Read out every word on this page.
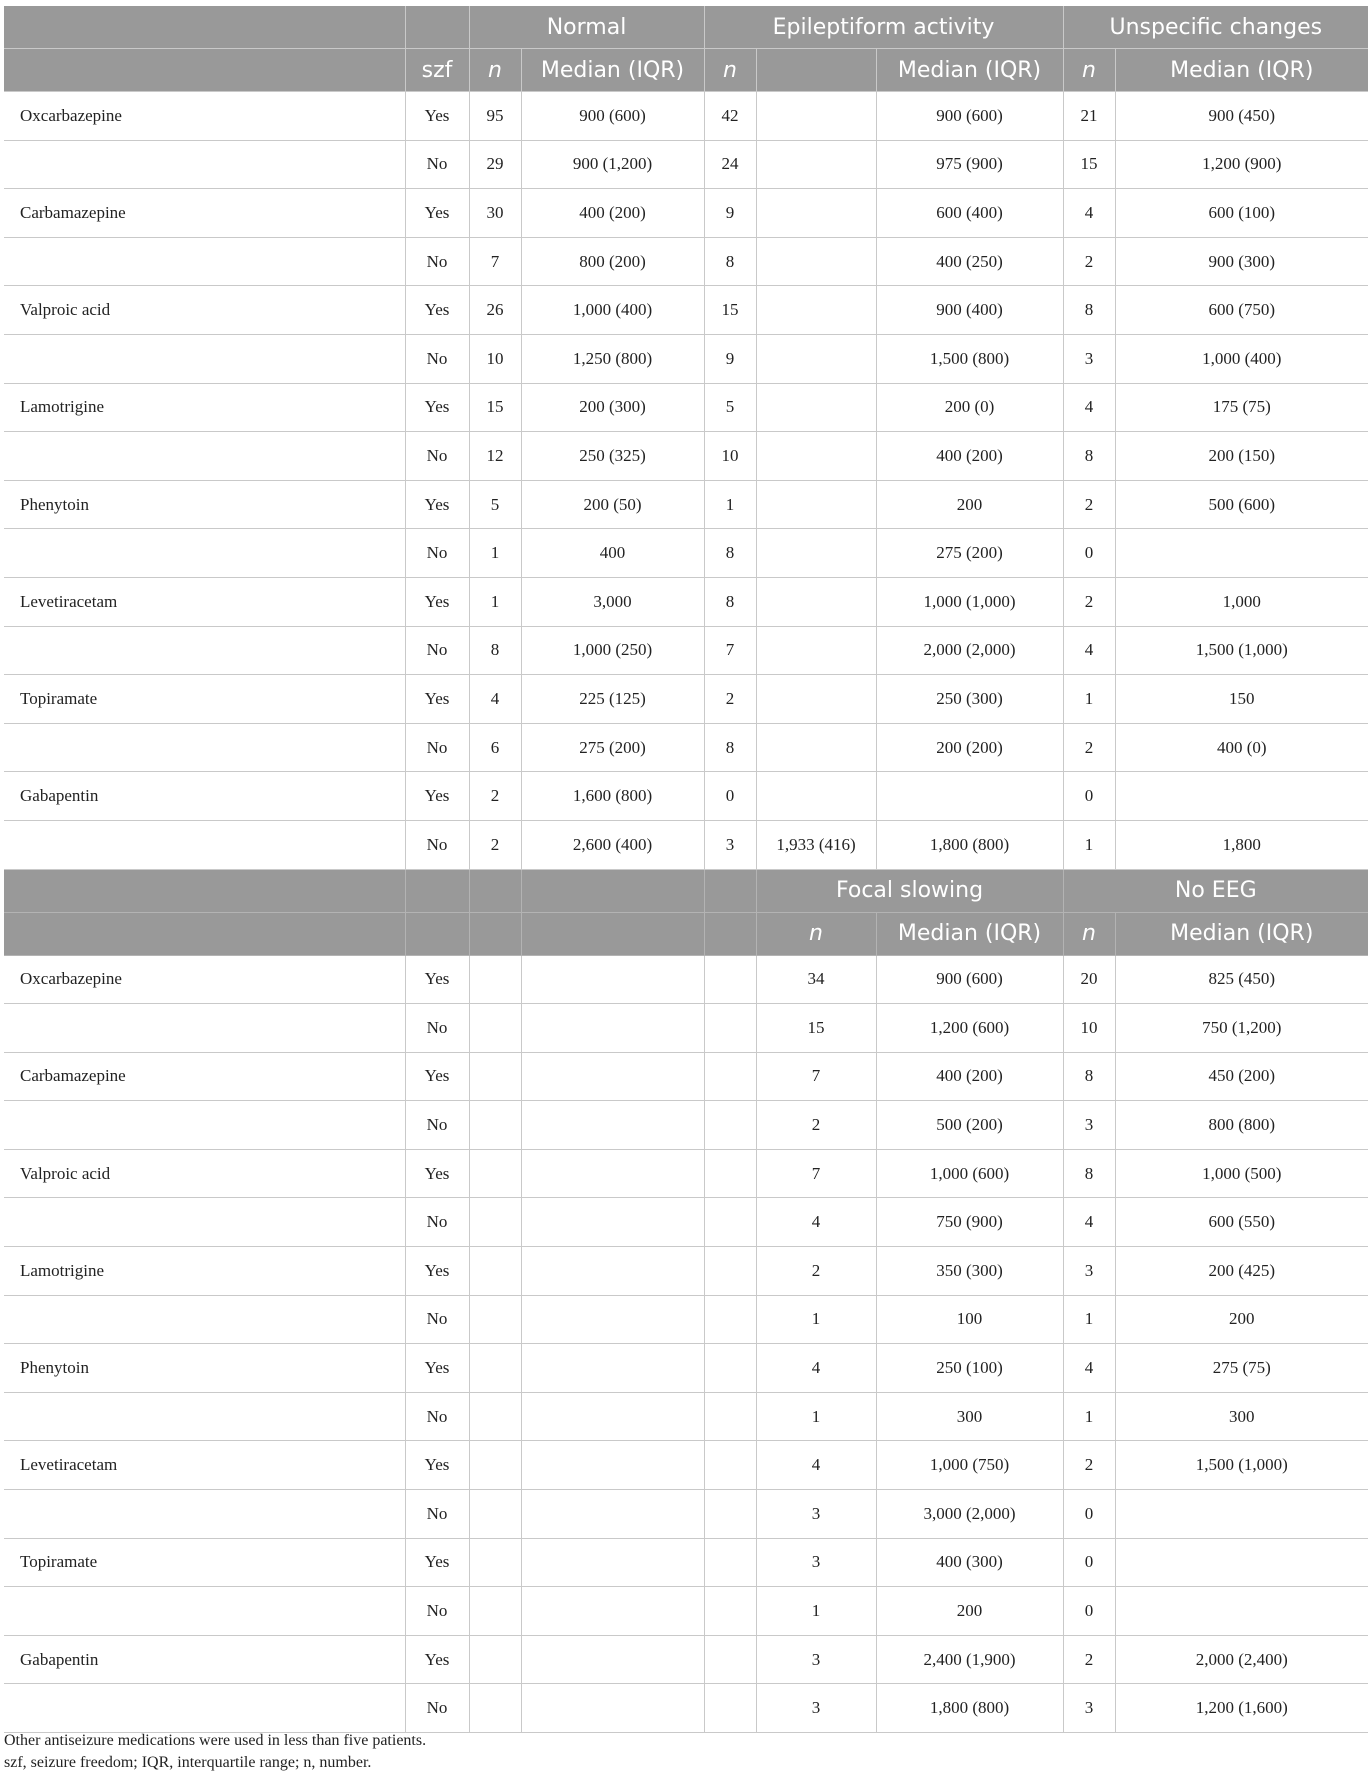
		Normal		Epileptiform activity			Unspecific changes	
	szf	n	Median (IQR)	n		Median (IQR)	n	Median (IQR)
Oxcarbazepine	Yes	95	900 (600)	42		900 (600)	21	900 (450)
	No	29	900 (1,200)	24		975 (900)	15	1,200 (900)
Carbamazepine	Yes	30	400 (200)	9		600 (400)	4	600 (100)
	No	7	800 (200)	8		400 (250)	2	900 (300)
Valproic acid	Yes	26	1,000 (400)	15		900 (400)	8	600 (750)
	No	10	1,250 (800)	9		1,500 (800)	3	1,000 (400)
Lamotrigine	Yes	15	200 (300)	5		200 (0)	4	175 (75)
	No	12	250 (325)	10		400 (200)	8	200 (150)
Phenytoin	Yes	5	200 (50)	1		200	2	500 (600)
	No	1	400	8		275 (200)	0	
Levetiracetam	Yes	1	3,000	8		1,000 (1,000)	2	1,000
	No	8	1,000 (250)	7		2,000 (2,000)	4	1,500 (1,000)
Topiramate	Yes	4	225 (125)	2		250 (300)	1	150
	No	6	275 (200)	8		200 (200)	2	400 (0)
Gabapentin	Yes	2	1,600 (800)	0			0	
	No	2	2,600 (400)	3	1,933 (416)	1,800 (800)	1	1,800
					Focal slowing		No EEG	
					n	Median (IQR)	n	Median (IQR)
Oxcarbazepine	Yes				34	900 (600)	20	825 (450)
	No				15	1,200 (600)	10	750 (1,200)
Carbamazepine	Yes				7	400 (200)	8	450 (200)
	No				2	500 (200)	3	800 (800)
Valproic acid	Yes				7	1,000 (600)	8	1,000 (500)
	No				4	750 (900)	4	600 (550)
Lamotrigine	Yes				2	350 (300)	3	200 (425)
	No				1	100	1	200
Phenytoin	Yes				4	250 (100)	4	275 (75)
	No				1	300	1	300
Levetiracetam	Yes				4	1,000 (750)	2	1,500 (1,000)
	No				3	3,000 (2,000)	0	
Topiramate	Yes				3	400 (300)	0	
	No				1	200	0	
Gabapentin	Yes				3	2,400 (1,900)	2	2,000 (2,400)
	No				3	1,800 (800)	3	1,200 (1,600)
Other antiseizure medications were used in less than five patients.
szf, seizure freedom; IQR, interquartile range; n, number.
